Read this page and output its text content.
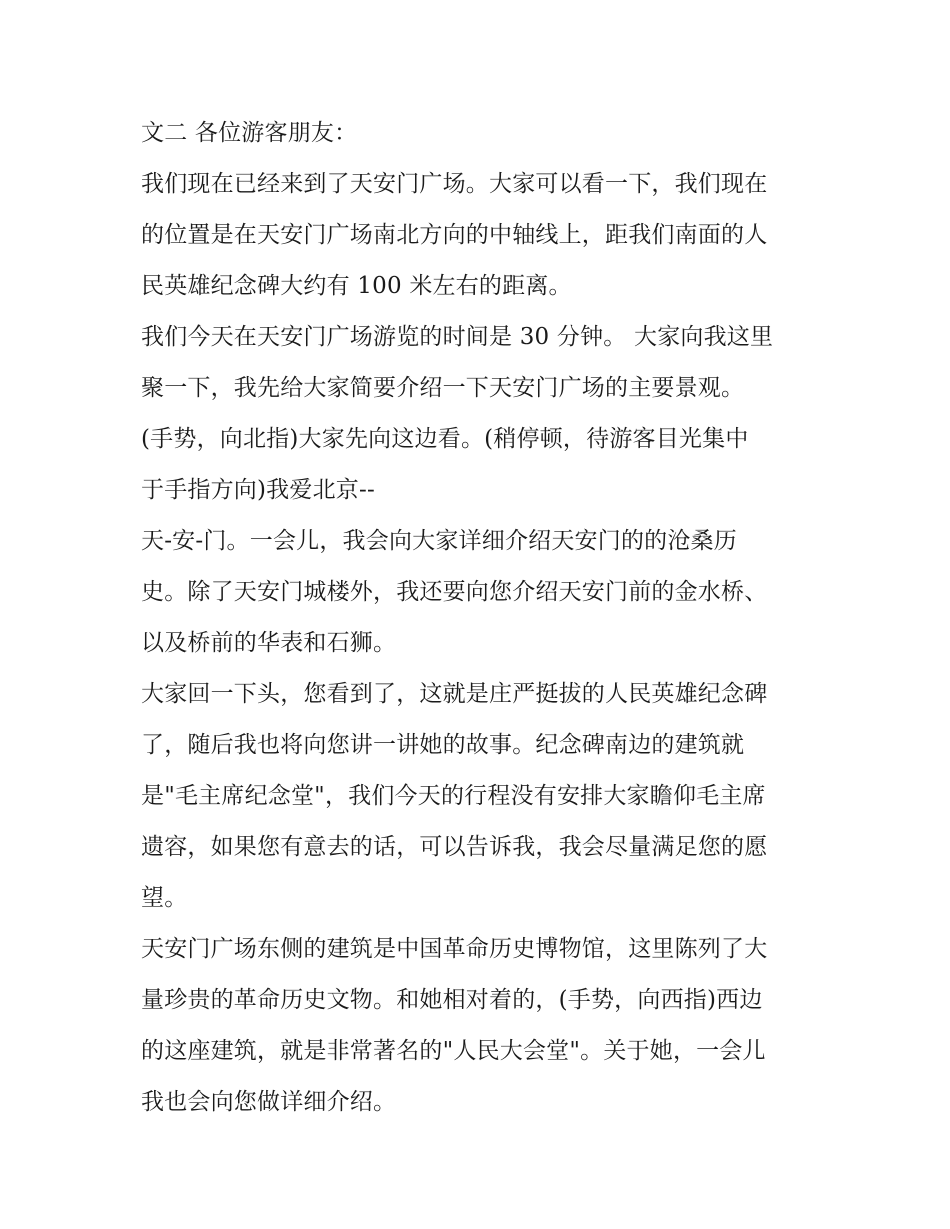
文二 各位游客朋友：
我们现在已经来到了天安门广场。大家可以看一下，我们现在
的位置是在天安门广场南北方向的中轴线上，距我们南面的人
民英雄纪念碑大约有 100 米左右的距离。
我们今天在天安门广场游览的时间是 30 分钟。 大家向我这里
聚一下，我先给大家简要介绍一下天安门广场的主要景观。
(手势，向北指)大家先向这边看。(稍停顿，待游客目光集中
于手指方向)我爱北京--
天-安-门。一会儿，我会向大家详细介绍天安门的的沧桑历
史。除了天安门城楼外，我还要向您介绍天安门前的金水桥、
以及桥前的华表和石狮。
大家回一下头，您看到了，这就是庄严挺拔的人民英雄纪念碑
了，随后我也将向您讲一讲她的故事。纪念碑南边的建筑就
是"毛主席纪念堂"，我们今天的行程没有安排大家瞻仰毛主席
遗容，如果您有意去的话，可以告诉我，我会尽量满足您的愿
望。
天安门广场东侧的建筑是中国革命历史博物馆，这里陈列了大
量珍贵的革命历史文物。和她相对着的，(手势，向西指)西边
的这座建筑，就是非常著名的"人民大会堂"。关于她，一会儿
我也会向您做详细介绍。
